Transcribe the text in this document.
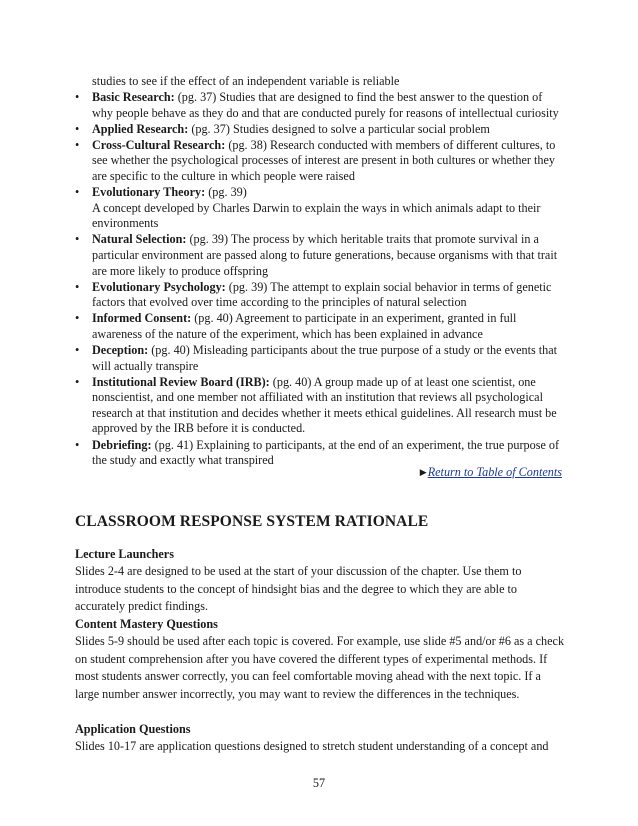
studies to see if the effect of an independent variable is reliable
•	Basic Research: (pg. 37) Studies that are designed to find the best answer to the question of why people behave as they do and that are conducted purely for reasons of intellectual curiosity
•	Applied Research: (pg. 37) Studies designed to solve a particular social problem
•	Cross-Cultural Research: (pg. 38) Research conducted with members of different cultures, to see whether the psychological processes of interest are present in both cultures or whether they are specific to the culture in which people were raised
•	Evolutionary Theory: (pg. 39)
A concept developed by Charles Darwin to explain the ways in which animals adapt to their environments
•	Natural Selection: (pg. 39) The process by which heritable traits that promote survival in a particular environment are passed along to future generations, because organisms with that trait are more likely to produce offspring
•	Evolutionary Psychology: (pg. 39) The attempt to explain social behavior in terms of genetic factors that evolved over time according to the principles of natural selection
•	Informed Consent: (pg. 40) Agreement to participate in an experiment, granted in full awareness of the nature of the experiment, which has been explained in advance
•	Deception: (pg. 40) Misleading participants about the true purpose of a study or the events that will actually transpire
•	Institutional Review Board (IRB): (pg. 40) A group made up of at least one scientist, one nonscientist, and one member not affiliated with an institution that reviews all psychological research at that institution and decides whether it meets ethical guidelines. All research must be approved by the IRB before it is conducted.
•	Debriefing: (pg. 41) Explaining to participants, at the end of an experiment, the true purpose of the study and exactly what transpired
▶Return to Table of Contents
CLASSROOM RESPONSE SYSTEM RATIONALE
Lecture Launchers
Slides 2-4 are designed to be used at the start of your discussion of the chapter. Use them to introduce students to the concept of hindsight bias and the degree to which they are able to accurately predict findings.
Content Mastery Questions
Slides 5-9 should be used after each topic is covered. For example, use slide #5 and/or #6 as a check on student comprehension after you have covered the different types of experimental methods. If most students answer correctly, you can feel comfortable moving ahead with the next topic. If a large number answer incorrectly, you may want to review the differences in the techniques.
Application Questions
Slides 10-17 are application questions designed to stretch student understanding of a concept and
57
